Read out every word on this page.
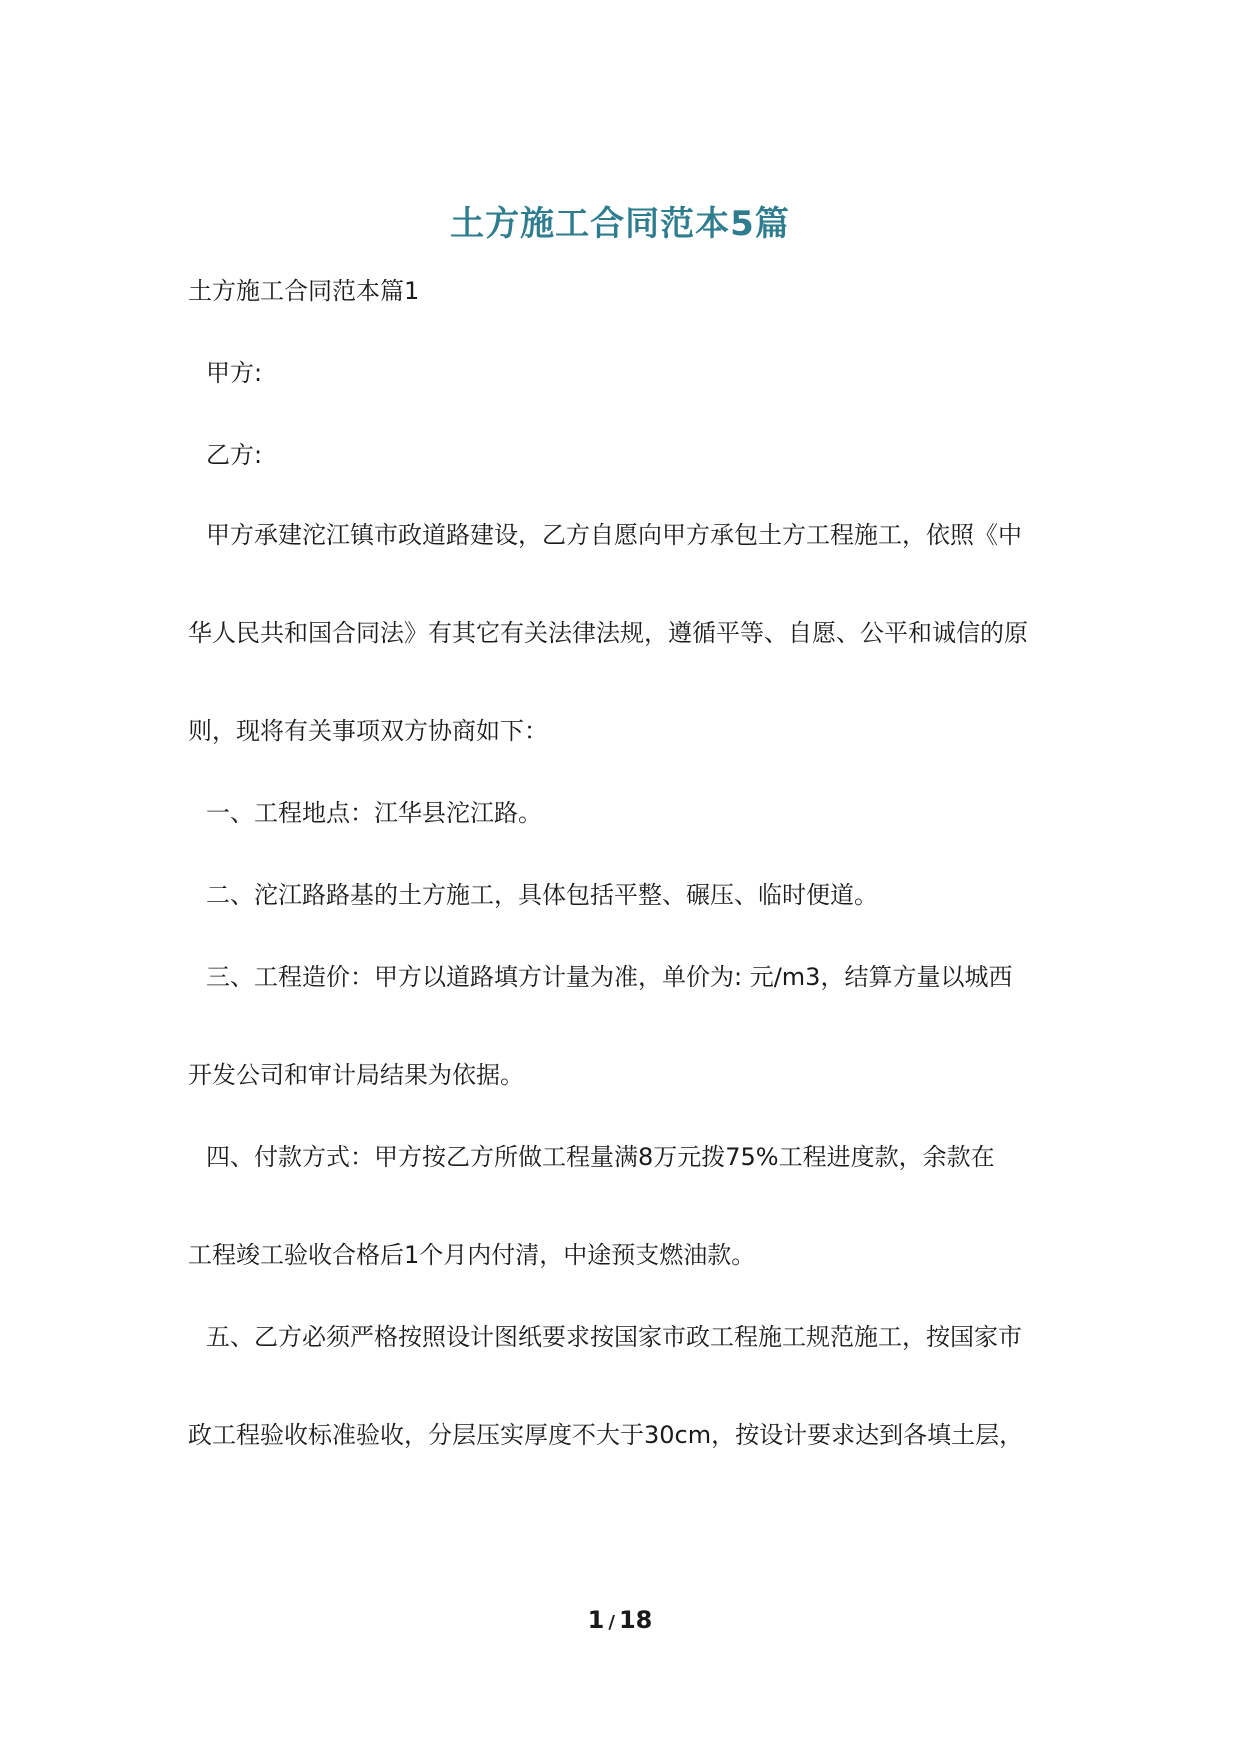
土方施工合同范本5篇
土方施工合同范本篇1
甲方:
乙方:
甲方承建沱江镇市政道路建设，乙方自愿向甲方承包土方工程施工，依照《中
华人民共和国合同法》有其它有关法律法规，遵循平等、自愿、公平和诚信的原
则，现将有关事项双方协商如下：
一、工程地点：江华县沱江路。
二、沱江路路基的土方施工，具体包括平整、碾压、临时便道。
三、工程造价：甲方以道路填方计量为准，单价为: 元/m3，结算方量以城西
开发公司和审计局结果为依据。
四、付款方式：甲方按乙方所做工程量满8万元拨75%工程进度款，余款在
工程竣工验收合格后1个月内付清，中途预支燃油款。
五、乙方必须严格按照设计图纸要求按国家市政工程施工规范施工，按国家市
政工程验收标准验收，分层压实厚度不大于30cm，按设计要求达到各填土层，
1 / 18
